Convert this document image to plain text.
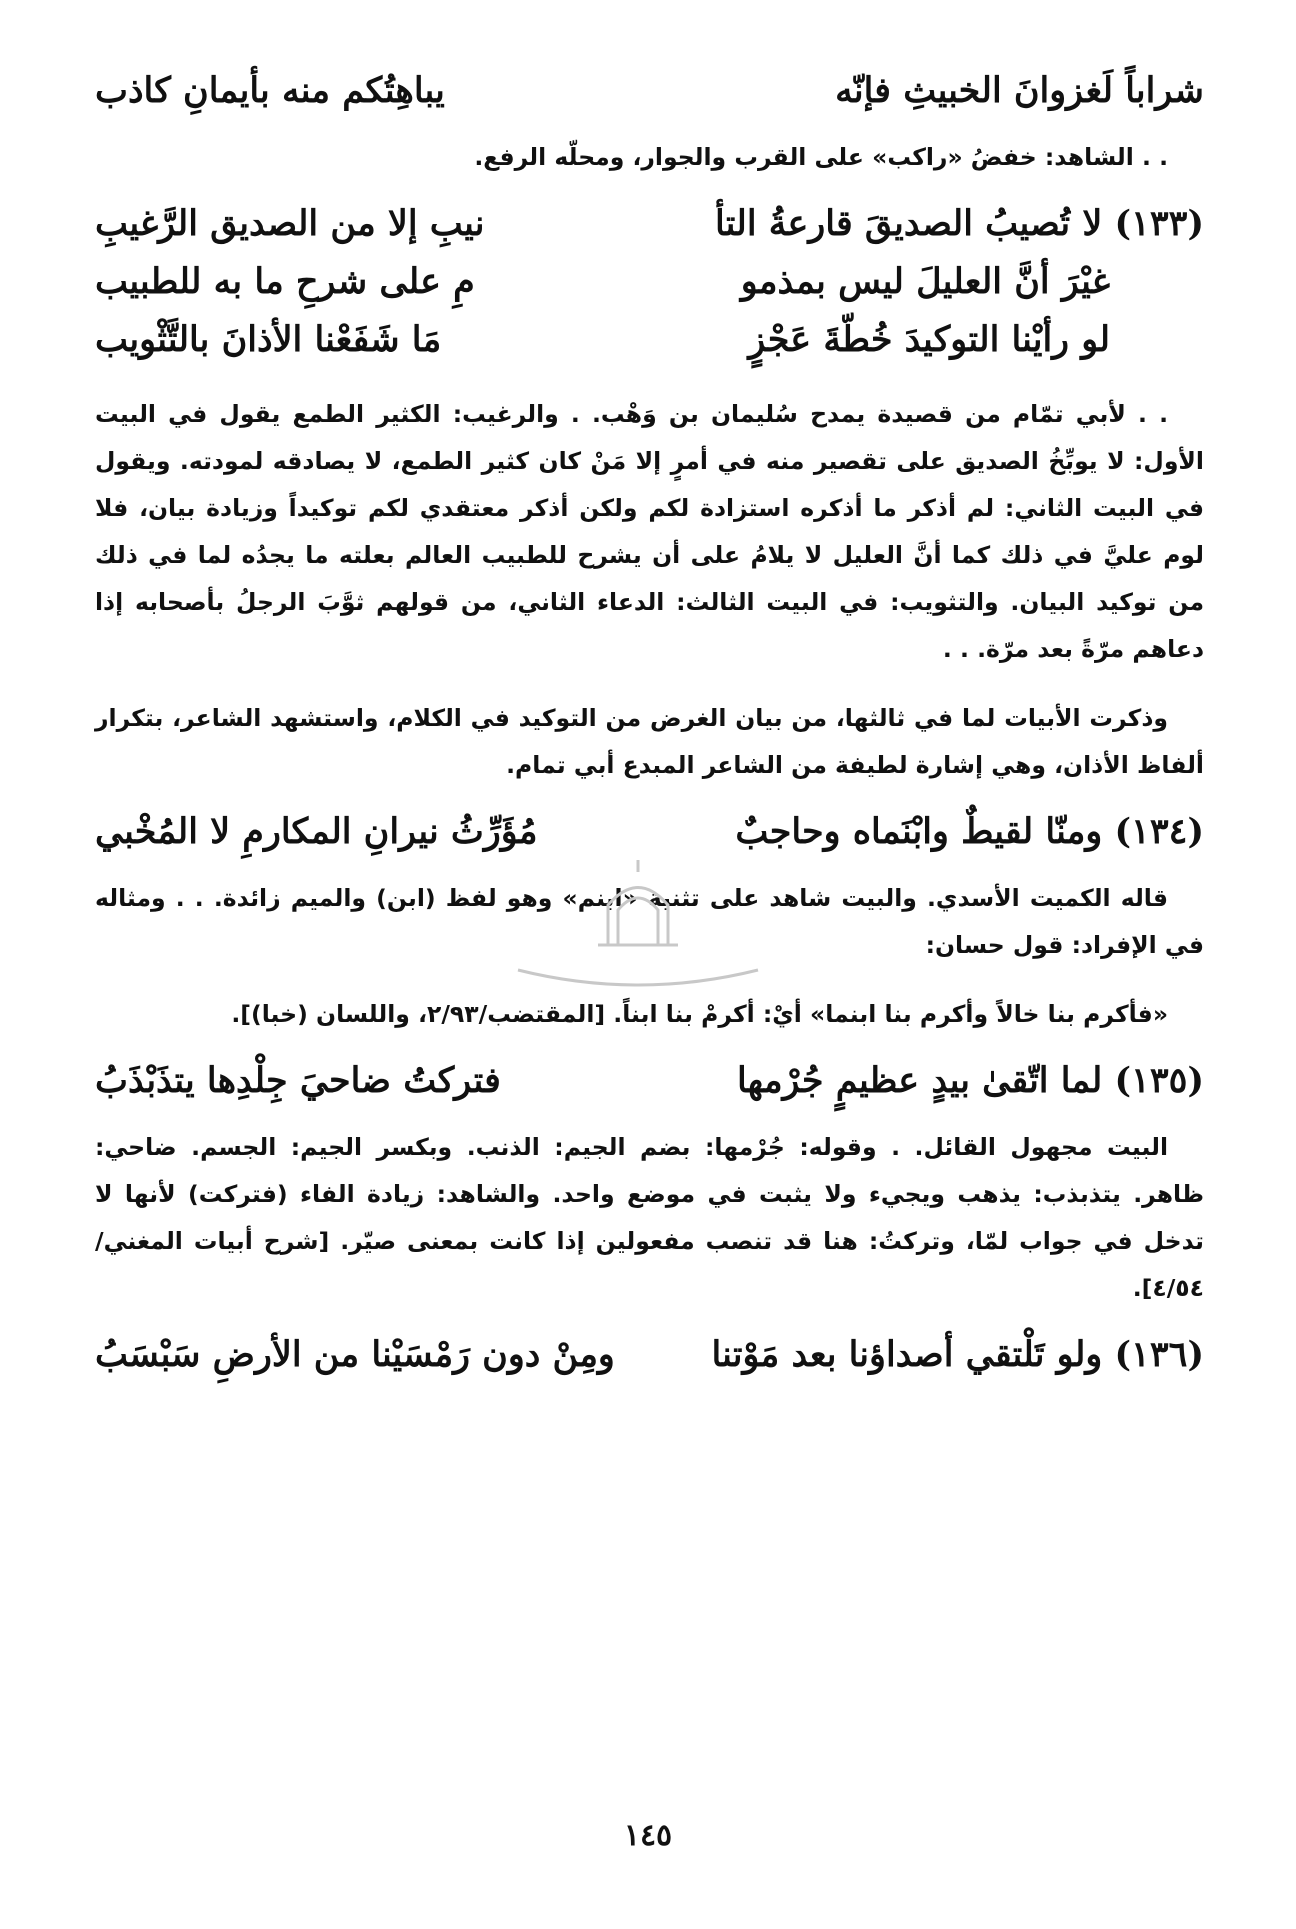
شراباً لَغزوانَ الخبيثِ فإنّه
يباهِتُكم منه بأيمانِ كاذب

. . الشاهد: خفضُ «راكب» على القرب والجوار، ومحلّه الرفع.

(١٣٣) لا تُصيبُ الصديقَ قارعةُ التأ
نيبِ إلا من الصديق الرَّغيبِ
غيْرَ أنَّ العليلَ ليس بمذمو
مِ على شرحِ ما به للطبيب
لو رأيْنا التوكيدَ خُطّةَ عَجْزٍ
مَا شَفَعْنا الأذانَ بالتَّثْويب

. . لأبي تمّام من قصيدة يمدح سُليمان بن وَهْب. . والرغيب: الكثير الطمع يقول في البيت الأول: لا يوبِّخُ الصديق على تقصير منه في أمرٍ إلا مَنْ كان كثير الطمع، لا يصادقه لمودته. ويقول في البيت الثاني: لم أذكر ما أذكره استزادة لكم ولكن أذكر معتقدي لكم توكيداً وزيادة بيان، فلا لوم عليَّ في ذلك كما أنَّ العليل لا يلامُ على أن يشرح للطبيب العالم بعلته ما يجدُه لما في ذلك من توكيد البيان. والتثويب: في البيت الثالث: الدعاء الثاني، من قولهم ثوَّبَ الرجلُ بأصحابه إذا دعاهم مرّةً بعد مرّة. . .

وذكرت الأبيات لما في ثالثها، من بيان الغرض من التوكيد في الكلام، واستشهد الشاعر، بتكرار ألفاظ الأذان، وهي إشارة لطيفة من الشاعر المبدع أبي تمام.

(١٣٤) ومنّا لقيطٌ وابْنَماه وحاجبٌ
مُؤَرِّثُ نيرانِ المكارمِ لا المُخْبي

قاله الكميت الأسدي. والبيت شاهد على تثنية «ابنم» وهو لفظ (ابن) والميم زائدة. . . ومثاله في الإفراد: قول حسان:

«فأكرم بنا خالاً وأكرم بنا ابنما» أيْ: أكرمْ بنا ابناً. [المقتضب/٢/٩٣، واللسان (خبا)].

(١٣٥) لما اتّقىٰ بيدٍ عظيمٍ جُرْمها
فتركتُ ضاحيَ جِلْدِها يتذَبْذَبُ

البيت مجهول القائل. . وقوله: جُرْمها: بضم الجيم: الذنب. وبكسر الجيم: الجسم. ضاحي: ظاهر. يتذبذب: يذهب ويجيء ولا يثبت في موضع واحد. والشاهد: زيادة الفاء (فتركت) لأنها لا تدخل في جواب لمّا، وتركتُ: هنا قد تنصب مفعولين إذا كانت بمعنى صيّر. [شرح أبيات المغني/٤/٥٤].

(١٣٦) ولو تَلْتقي أصداؤنا بعد مَوْتنا
ومِنْ دون رَمْسَيْنا من الأرضِ سَبْسَبُ
١٤٥
